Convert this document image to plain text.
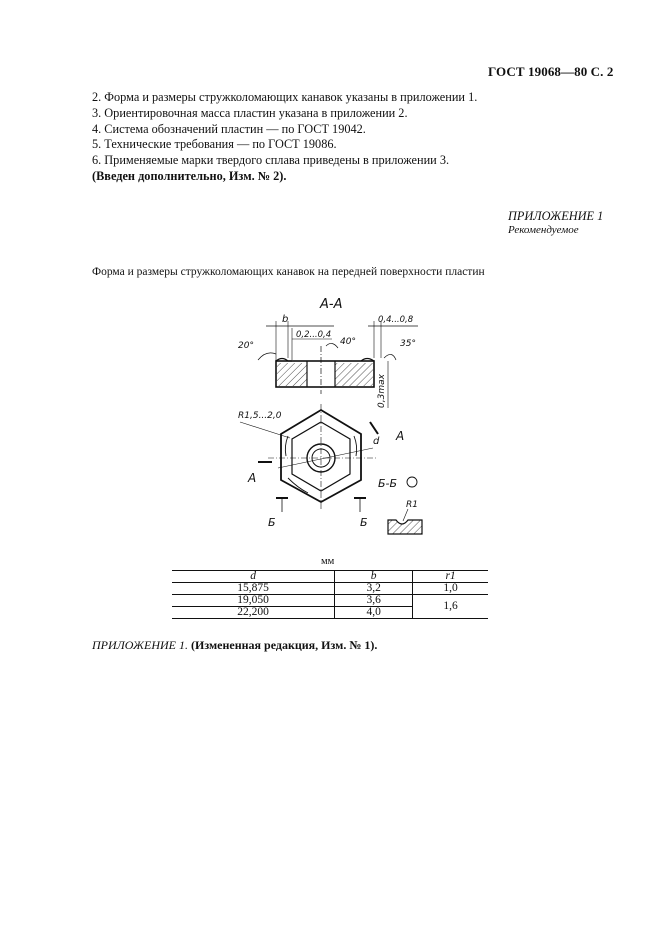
ГОСТ 19068—80 С. 2
2. Форма и размеры стружколомающих канавок указаны в приложении 1.
3. Ориентировочная масса пластин указана в приложении 2.
4. Система обозначений пластин — по ГОСТ 19042.
5. Технические требования — по ГОСТ 19086.
6. Применяемые марки твердого сплава приведены в приложении 3.
(Введен дополнительно, Изм. № 2).
ПРИЛОЖЕНИЕ 1
Рекомендуемое
Форма и размеры стружколомающих канавок на передней поверхности пластин
А-А
b
0,2...0,4
0,4...0,8
20°	40°	35°
0,3max
R1,5...2,0
d А
А
Б	Б
Б-Б
R1
мм
d	b	r1
15,875	3,2	1,0
19,050	3,6	1,6
22,200	4,0	
ПРИЛОЖЕНИЕ 1. (Измененная редакция, Изм. № 1).
